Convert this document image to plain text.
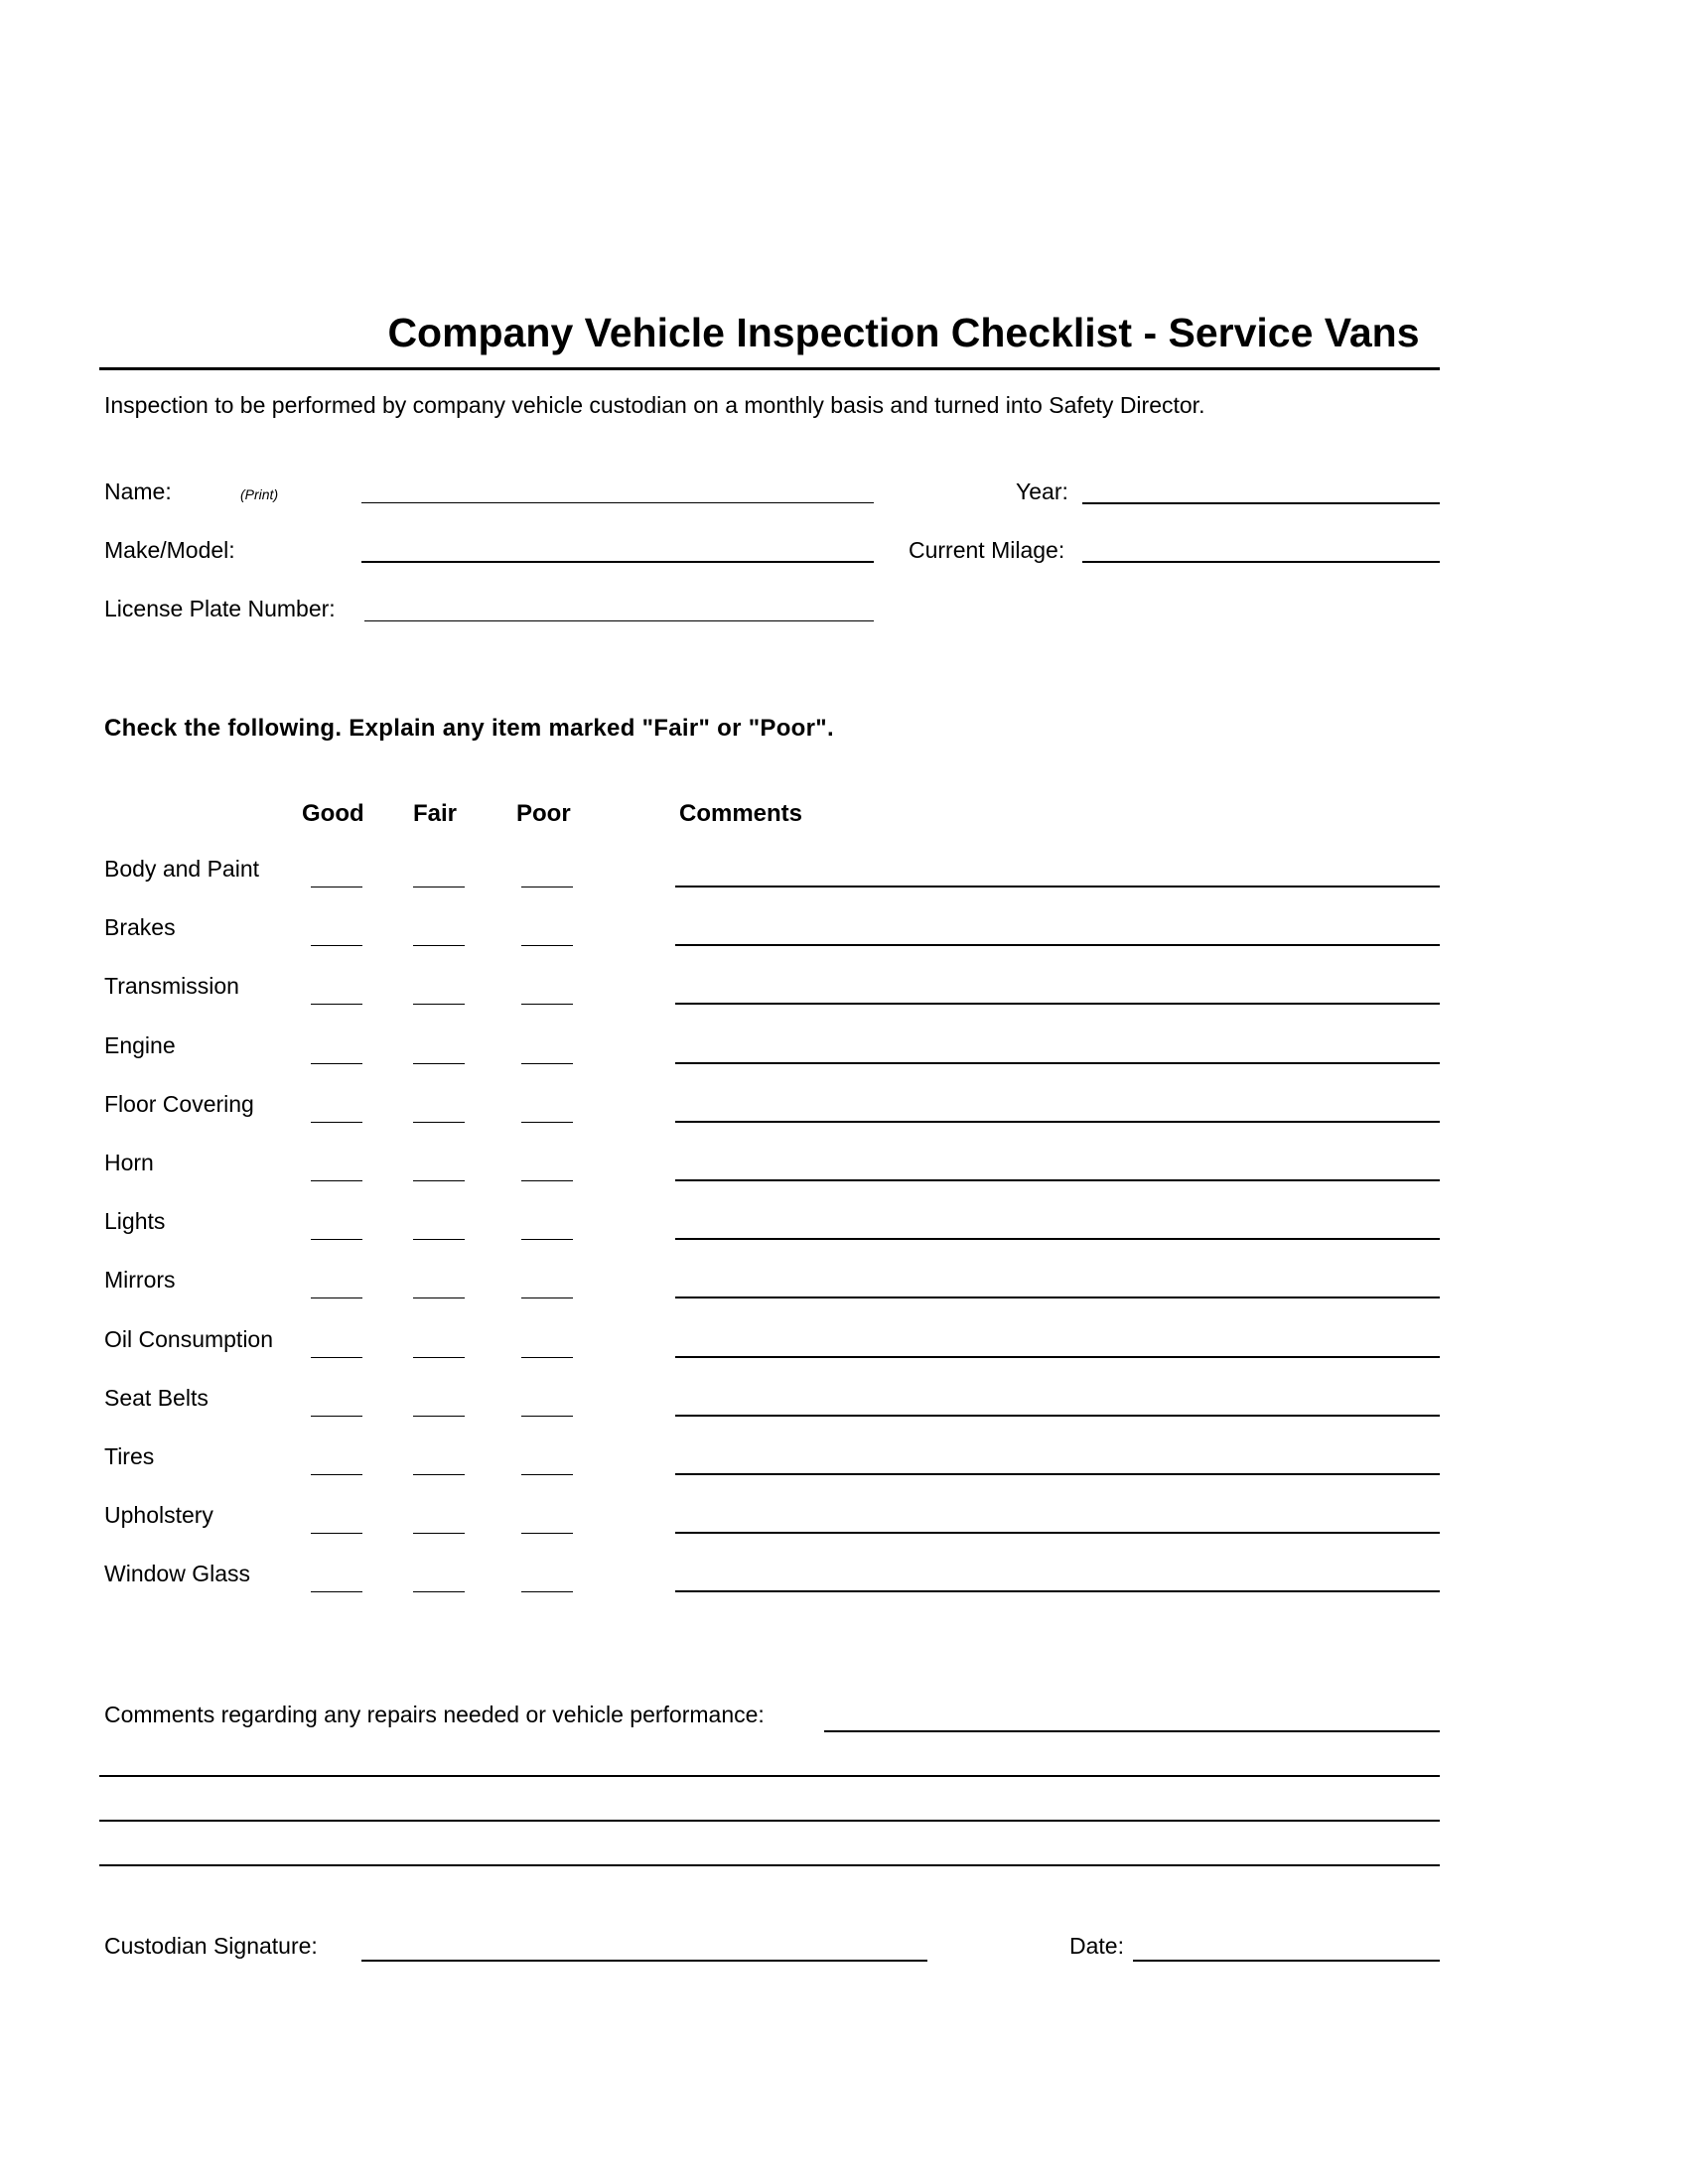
Company Vehicle Inspection Checklist - Service Vans
Inspection to be performed by company vehicle custodian on a monthly basis and turned into Safety Director.
Name:	(Print)	Year:
Make/Model:	Current Milage:
License Plate Number:
Check the following. Explain any item marked "Fair" or "Poor".
Good Fair Poor	Comments
Body and Paint
Brakes
Transmission
Engine
Floor Covering
Horn
Lights
Mirrors
Oil Consumption
Seat Belts
Tires
Upholstery
Window Glass
Comments regarding any repairs needed or vehicle performance:
Custodian Signature:	Date:
